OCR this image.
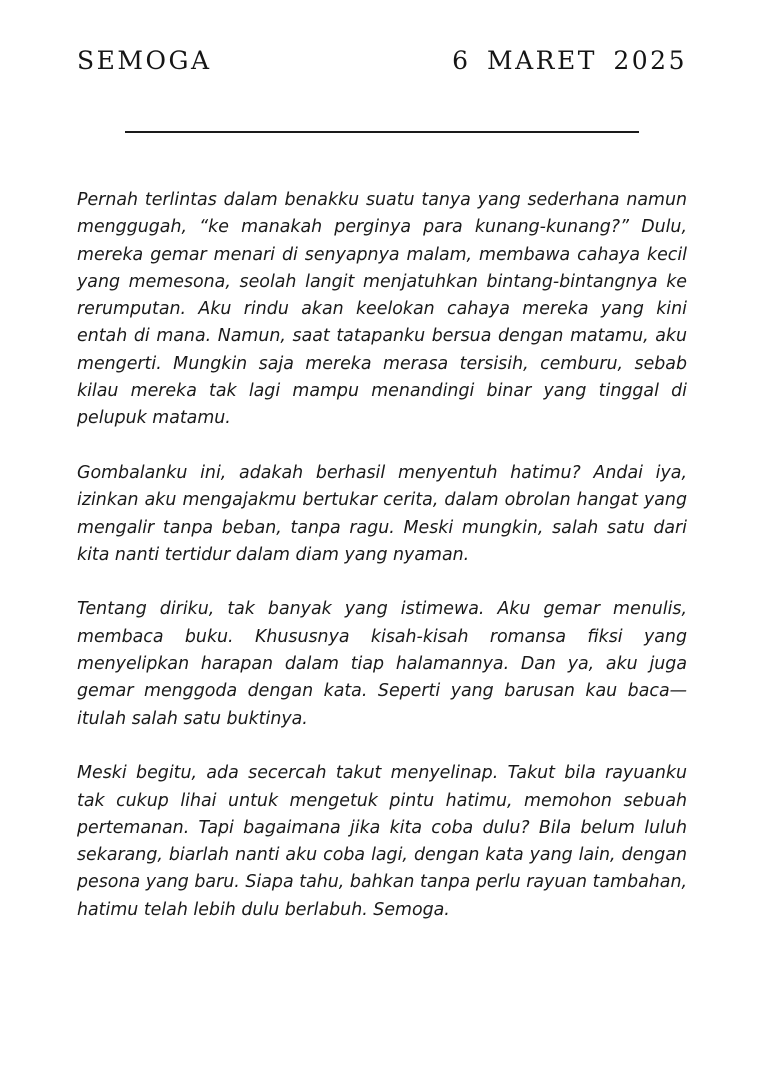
SEMOGA	6 MARET 2025

Pernah terlintas dalam benakku suatu tanya yang sederhana namun menggugah, “ke manakah perginya para kunang-kunang?” Dulu, mereka gemar menari di senyapnya malam, membawa cahaya kecil yang memesona, seolah langit menjatuhkan bintang-bintangnya ke rerumputan. Aku rindu akan keelokan cahaya mereka yang kini entah di mana. Namun, saat tatapanku bersua dengan matamu, aku mengerti. Mungkin saja mereka merasa tersisih, cemburu, sebab kilau mereka tak lagi mampu menandingi binar yang tinggal di pelupuk matamu.

Gombalanku ini, adakah berhasil menyentuh hatimu? Andai iya, izinkan aku mengajakmu bertukar cerita, dalam obrolan hangat yang mengalir tanpa beban, tanpa ragu. Meski mungkin, salah satu dari kita nanti tertidur dalam diam yang nyaman.

Tentang diriku, tak banyak yang istimewa. Aku gemar menulis, membaca buku. Khususnya kisah-kisah romansa fiksi yang menyelipkan harapan dalam tiap halamannya. Dan ya, aku juga gemar menggoda dengan kata. Seperti yang barusan kau baca—itulah salah satu buktinya.

Meski begitu, ada secercah takut menyelinap. Takut bila rayuanku tak cukup lihai untuk mengetuk pintu hatimu, memohon sebuah pertemanan. Tapi bagaimana jika kita coba dulu? Bila belum luluh sekarang, biarlah nanti aku coba lagi, dengan kata yang lain, dengan pesona yang baru. Siapa tahu, bahkan tanpa perlu rayuan tambahan, hatimu telah lebih dulu berlabuh. Semoga.
